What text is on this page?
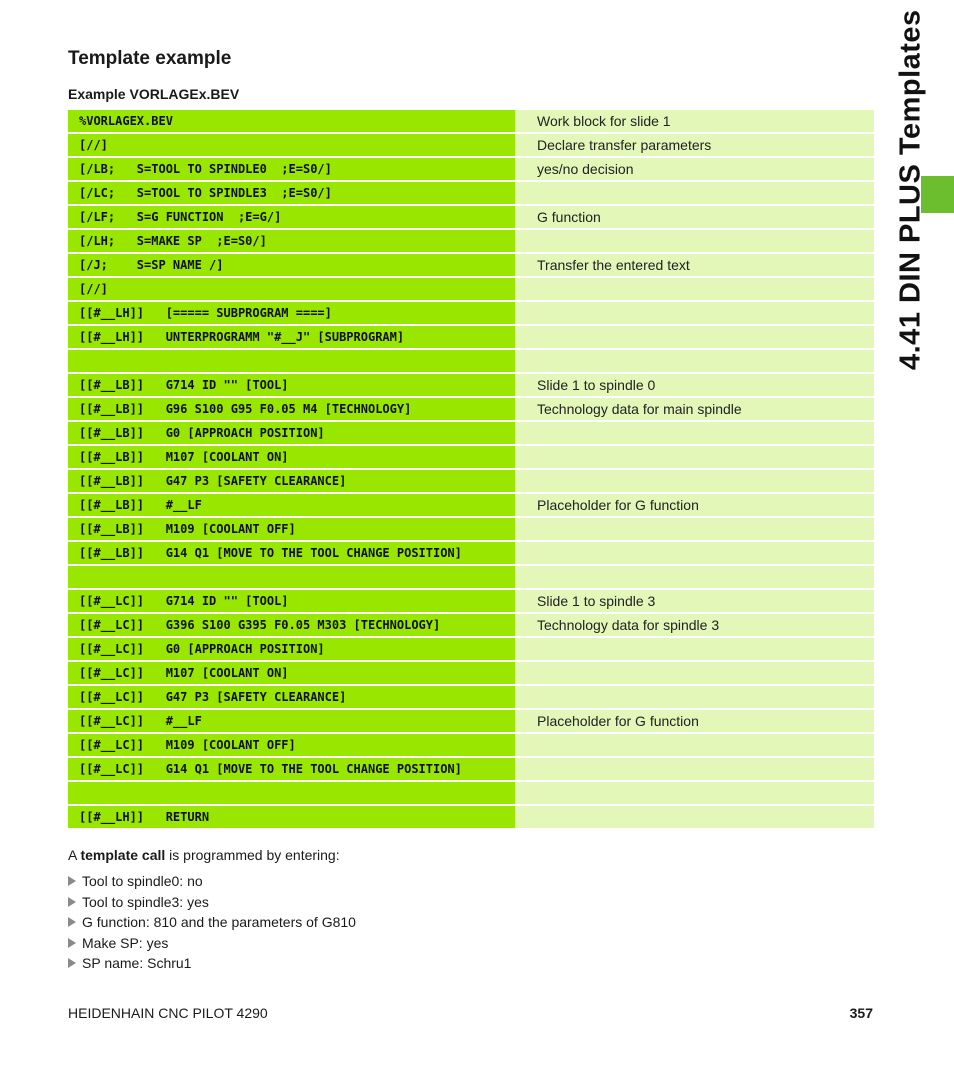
4.41 DIN PLUS Templates
Template example
Example VORLAGEx.BEV
%VORLAGEX.BEV	Work block for slide 1
[//]	Declare transfer parameters
[/LB;   S=TOOL TO SPINDLE0  ;E=S0/]	yes/no decision
[/LC;   S=TOOL TO SPINDLE3  ;E=S0/]
[/LF;   S=G FUNCTION  ;E=G/]	G function
[/LH;   S=MAKE SP  ;E=S0/]
[/J;    S=SP NAME /]	Transfer the entered text
[//]
[[#__LH]]   [===== SUBPROGRAM ====]
[[#__LH]]   UNTERPROGRAMM "#__J" [SUBPROGRAM]
[[#__LB]]   G714 ID "" [TOOL]	Slide 1 to spindle 0
[[#__LB]]   G96 S100 G95 F0.05 M4 [TECHNOLOGY]	Technology data for main spindle
[[#__LB]]   G0 [APPROACH POSITION]
[[#__LB]]   M107 [COOLANT ON]
[[#__LB]]   G47 P3 [SAFETY CLEARANCE]
[[#__LB]]   #__LF	Placeholder for G function
[[#__LB]]   M109 [COOLANT OFF]
[[#__LB]]   G14 Q1 [MOVE TO THE TOOL CHANGE POSITION]
[[#__LC]]   G714 ID "" [TOOL]	Slide 1 to spindle 3
[[#__LC]]   G396 S100 G395 F0.05 M303 [TECHNOLOGY]	Technology data for spindle 3
[[#__LC]]   G0 [APPROACH POSITION]
[[#__LC]]   M107 [COOLANT ON]
[[#__LC]]   G47 P3 [SAFETY CLEARANCE]
[[#__LC]]   #__LF	Placeholder for G function
[[#__LC]]   M109 [COOLANT OFF]
[[#__LC]]   G14 Q1 [MOVE TO THE TOOL CHANGE POSITION]
[[#__LH]]   RETURN

A template call is programmed by entering:

Tool to spindle0: no
Tool to spindle3: yes
G function: 810 and the parameters of G810
Make SP: yes
SP name: Schru1
HEIDENHAIN CNC PILOT 4290	357
